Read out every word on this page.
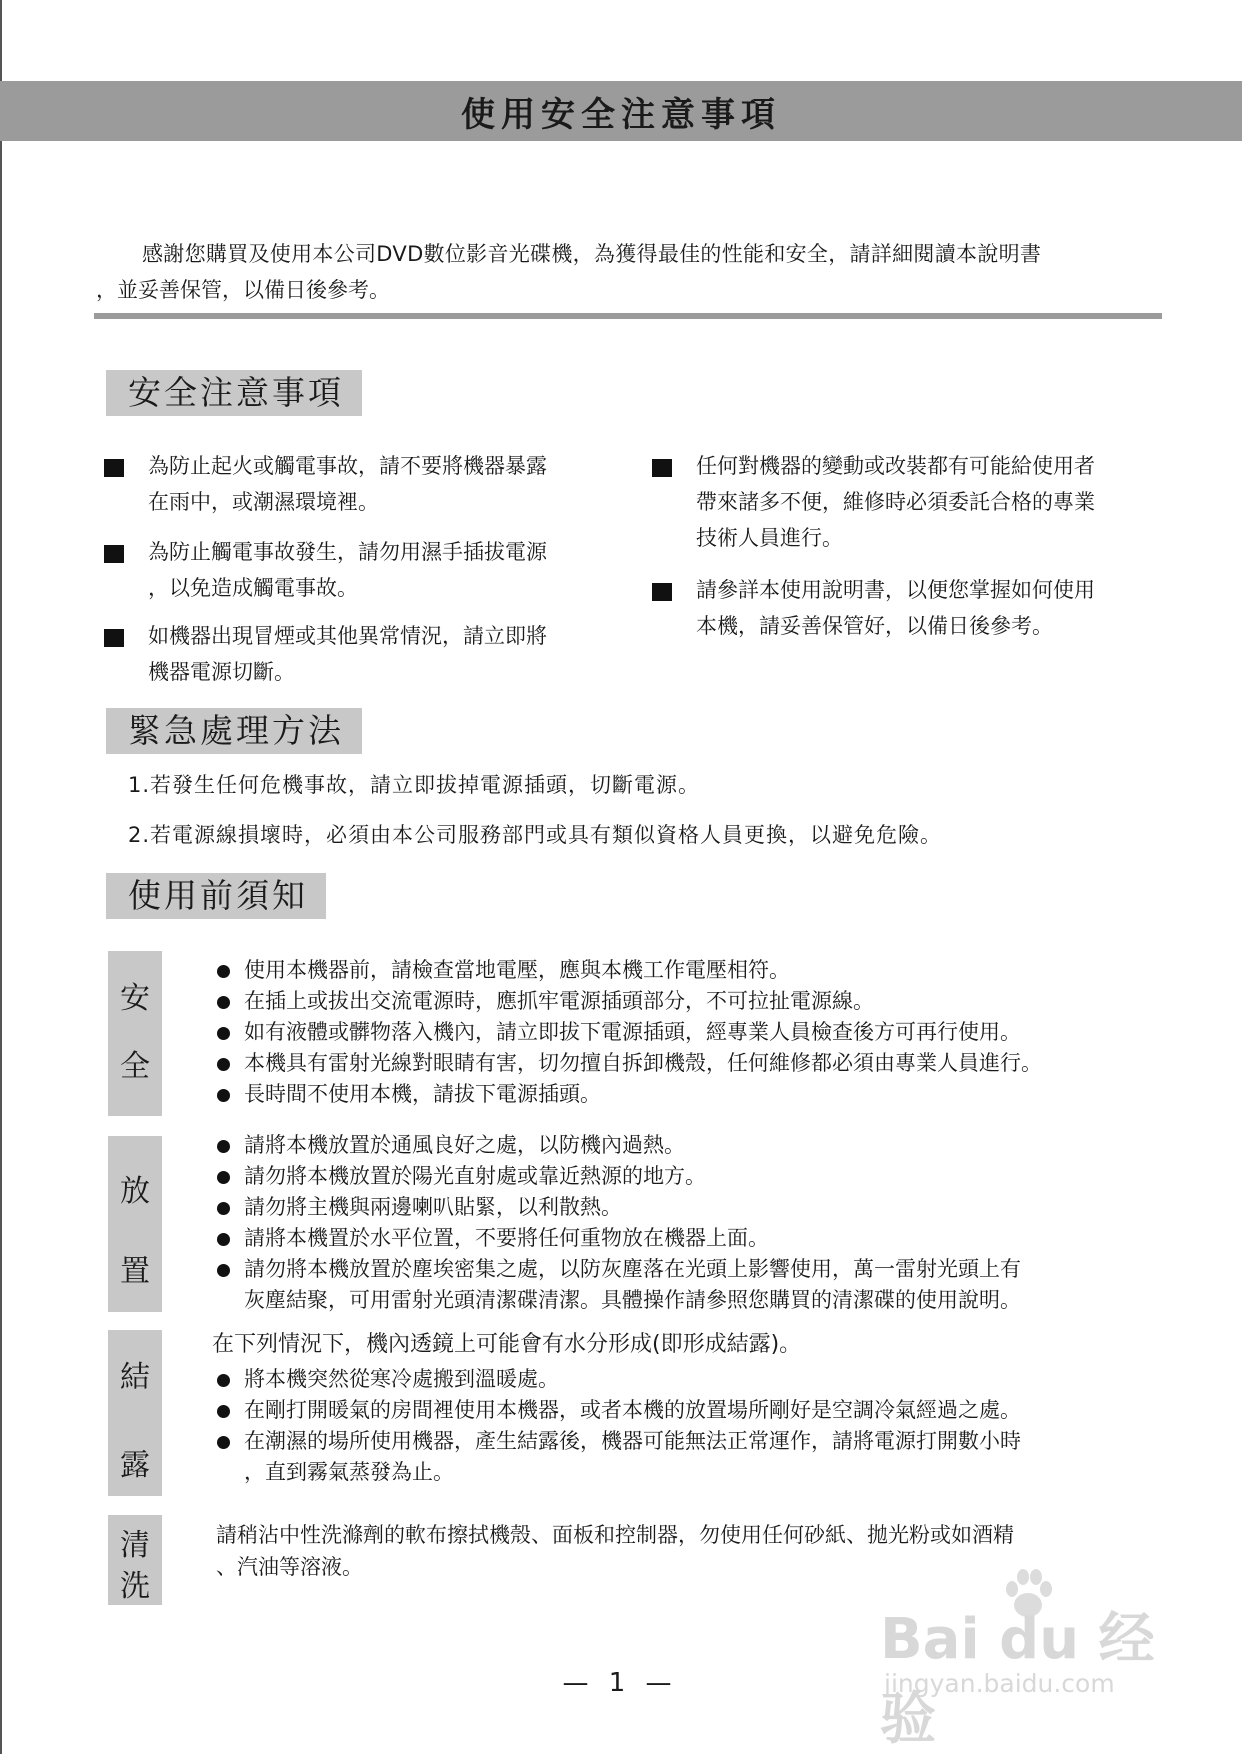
使用安全注意事項
感謝您購買及使用本公司DVD數位影音光碟機，為獲得最佳的性能和安全，請詳細閱讀本說明書
，並妥善保管，以備日後參考。
安全注意事項
為防止起火或觸電事故，請不要將機器暴露
在雨中，或潮濕環境裡。
為防止觸電事故發生，請勿用濕手插拔電源
，以免造成觸電事故。
如機器出現冒煙或其他異常情況，請立即將
機器電源切斷。
任何對機器的變動或改裝都有可能給使用者
帶來諸多不便，維修時必須委託合格的專業
技術人員進行。
請參詳本使用說明書，以便您掌握如何使用
本機，請妥善保管好，以備日後參考。
緊急處理方法
1.若發生任何危機事故，請立即拔掉電源插頭，切斷電源。
2.若電源線損壞時，必須由本公司服務部門或具有類似資格人員更換，以避免危險。
使用前須知
安
全
使用本機器前，請檢查當地電壓，應與本機工作電壓相符。
在插上或拔出交流電源時，應抓牢電源插頭部分，不可拉扯電源線。
如有液體或髒物落入機內，請立即拔下電源插頭，經專業人員檢查後方可再行使用。
本機具有雷射光線對眼睛有害，切勿擅自拆卸機殼，任何維修都必須由專業人員進行。
長時間不使用本機，請拔下電源插頭。
放
置
請將本機放置於通風良好之處，以防機內過熱。
請勿將本機放置於陽光直射處或靠近熱源的地方。
請勿將主機與兩邊喇叭貼緊，以利散熱。
請將本機置於水平位置，不要將任何重物放在機器上面。
請勿將本機放置於塵埃密集之處，以防灰塵落在光頭上影響使用，萬一雷射光頭上有
灰塵結聚，可用雷射光頭清潔碟清潔。具體操作請參照您購買的清潔碟的使用說明。
結
露
在下列情況下，機內透鏡上可能會有水分形成(即形成結露)。
將本機突然從寒冷處搬到溫暖處。
在剛打開暖氣的房間裡使用本機器，或者本機的放置場所剛好是空調冷氣經過之處。
在潮濕的場所使用機器，產生結露後，機器可能無法正常運作，請將電源打開數小時
，直到霧氣蒸發為止。
清
洗
請稍沾中性洗滌劑的軟布擦拭機殼、面板和控制器，勿使用任何砂紙、拋光粉或如酒精
、汽油等溶液。
— 1 —
Bai du 经验
jingyan.baidu.com
